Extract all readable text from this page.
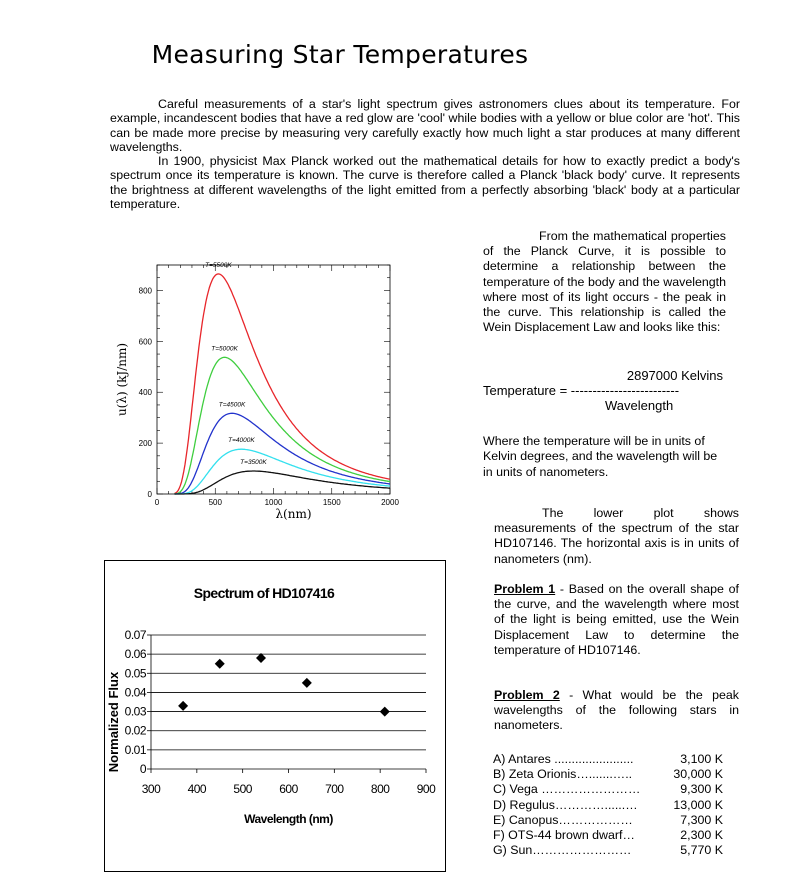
Measuring Star Temperatures

Careful measurements of a star's light spectrum gives astronomers clues about its temperature. For example, incandescent bodies that have a red glow are 'cool' while bodies with a yellow or blue color are 'hot'. This can be made more precise by measuring very carefully exactly how much light a star produces at many different wavelengths.

In 1900, physicist Max Planck worked out the mathematical details for how to exactly predict a body's spectrum once its temperature is known. The curve is therefore called a Planck 'black body' curve. It represents the brightness at different wavelengths of the light emitted from a perfectly absorbing 'black' body at a particular temperature.

0	500	1000	1500	2000
0
200
400
600
800
λ(nm)
u(λ) (kJ/nm)
T=5500K
T=5000K
T=4500K
T=4000K
T=3500K

From the mathematical properties of the Planck Curve, it is possible to determine a relationship between the temperature of the body and the wavelength where most of its light occurs - the peak in the curve. This relationship is called the Wein Displacement Law and looks like this:

2897000 Kelvins
Temperature = -------------------------
Wavelength

Where the temperature will be in units of Kelvin degrees, and the wavelength will be in units of nanometers.

The lower plot shows measurements of the spectrum of the star HD107146. The horizontal axis is in units of nanometers (nm).

Problem 1 - Based on the overall shape of the curve, and the wavelength where most of the light is being emitted, use the Wein Displacement Law to determine the temperature of HD107146.

Problem 2 - What would be the peak wavelengths of the following stars in nanometers.

A) Antares .......................	3,100 K
B) Zeta Orionis….......…..	30,000 K
C) Vega ……………………	9,300 K
D) Regulus…………......…	13,000 K
E) Canopus………………	7,300 K
F) OTS-44 brown dwarf…	2,300 K
G) Sun……………………	5,770 K
Spectrum of HD107416
0
0.01
0.02
0.03
0.04
0.05
0.06
0.07
300 400 500 600 700 800 900
Wavelength (nm)
Normalized Flux
